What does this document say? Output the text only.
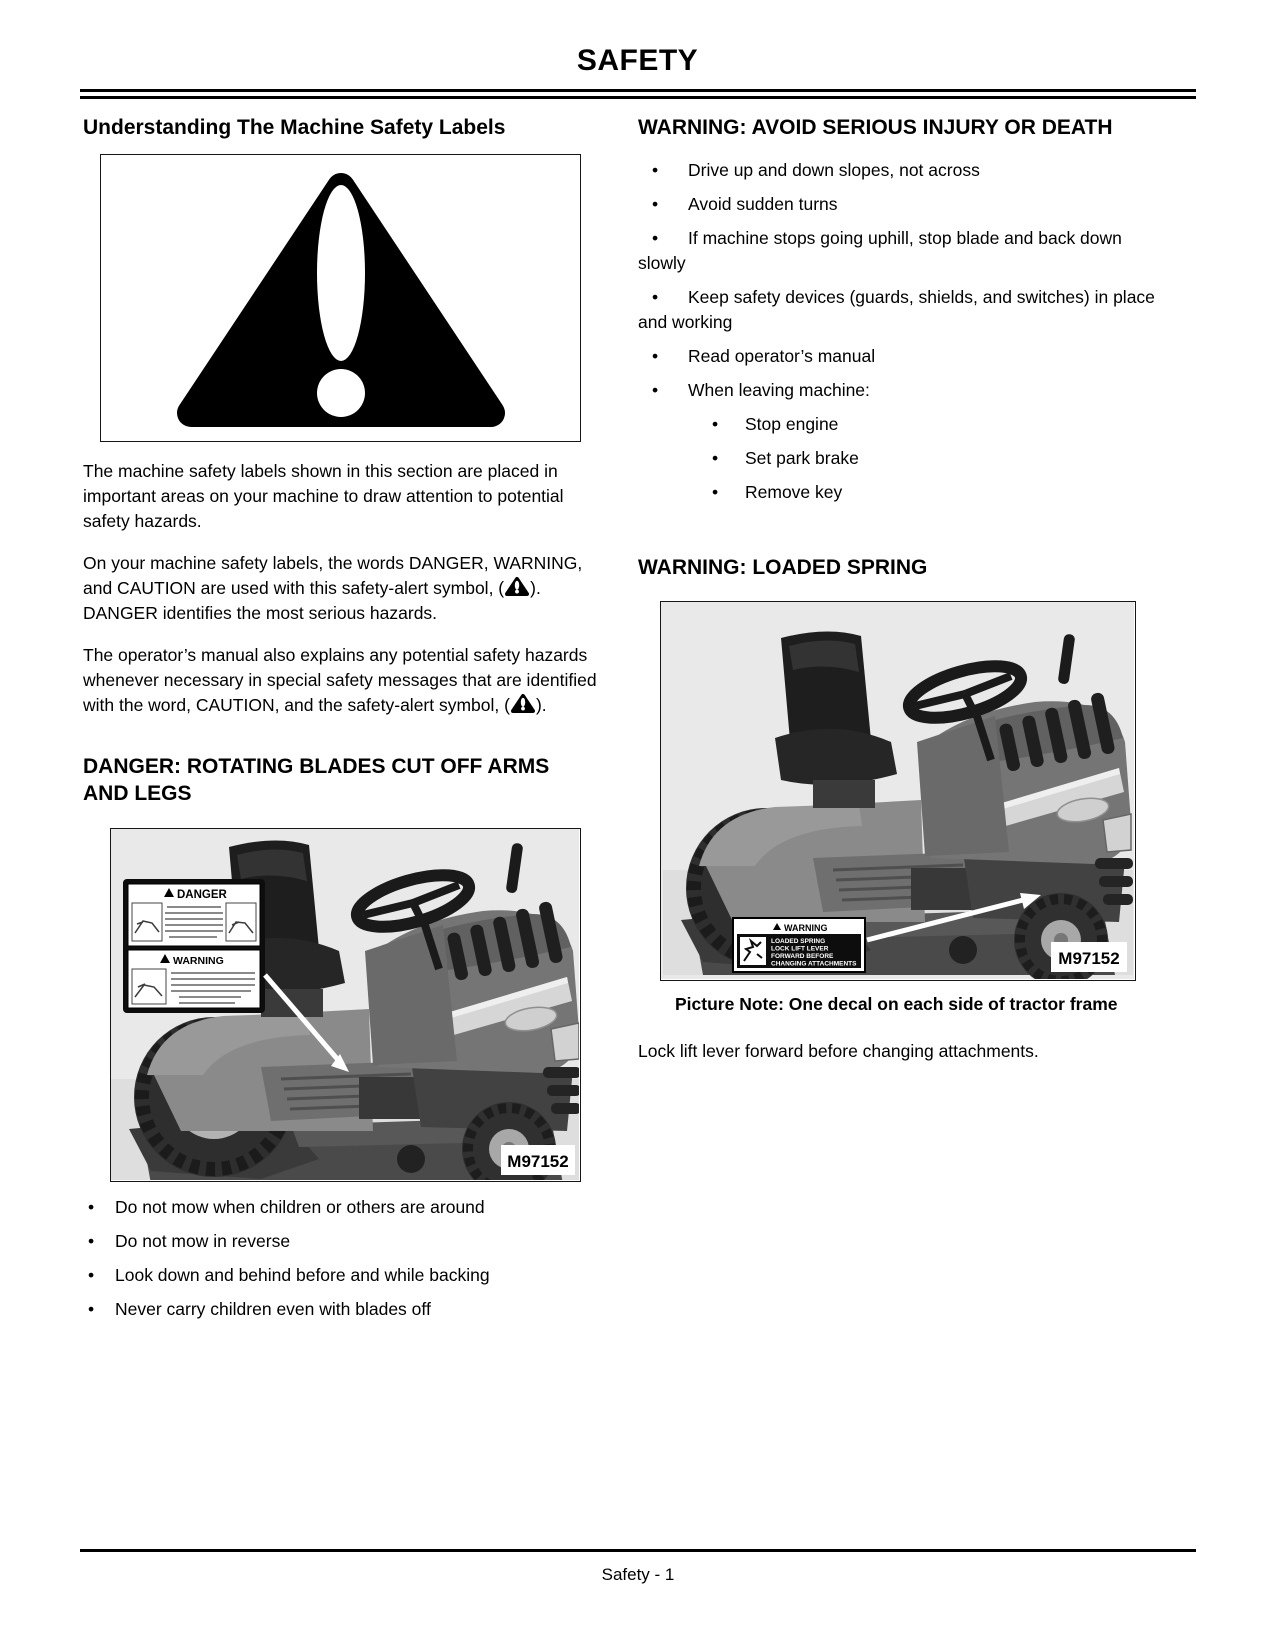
SAFETY
Understanding The Machine Safety Labels

The machine safety labels shown in this section are placed in important areas on your machine to draw attention to potential safety hazards.

On your machine safety labels, the words DANGER, WARNING, and CAUTION are used with this safety-alert symbol, ( ). DANGER identifies the most serious hazards.

The operator’s manual also explains any potential safety hazards whenever necessary in special safety messages that are identified with the word, CAUTION, and the safety-alert symbol, ( ).

DANGER: ROTATING BLADES CUT OFF ARMS AND LEGS
DANGER
WARNING
M97152
•Do not mow when children or others are around
•Do not mow in reverse
•Look down and behind before and while backing
•Never carry children even with blades off
WARNING: AVOID SERIOUS INJURY OR DEATH
•Drive up and down slopes, not across
•Avoid sudden turns
•If machine stops going uphill, stop blade and back down slowly
•Keep safety devices (guards, shields, and switches) in place and working
•Read operator’s manual
•When leaving machine:
•Stop engine
•Set park brake
•Remove key
WARNING: LOADED SPRING
WARNING
LOADED SPRING
LOCK LIFT LEVER
FORWARD BEFORE
CHANGING ATTACHMENTS	M97152
Picture Note: One decal on each side of tractor frame

Lock lift lever forward before changing attachments.

Safety - 1
